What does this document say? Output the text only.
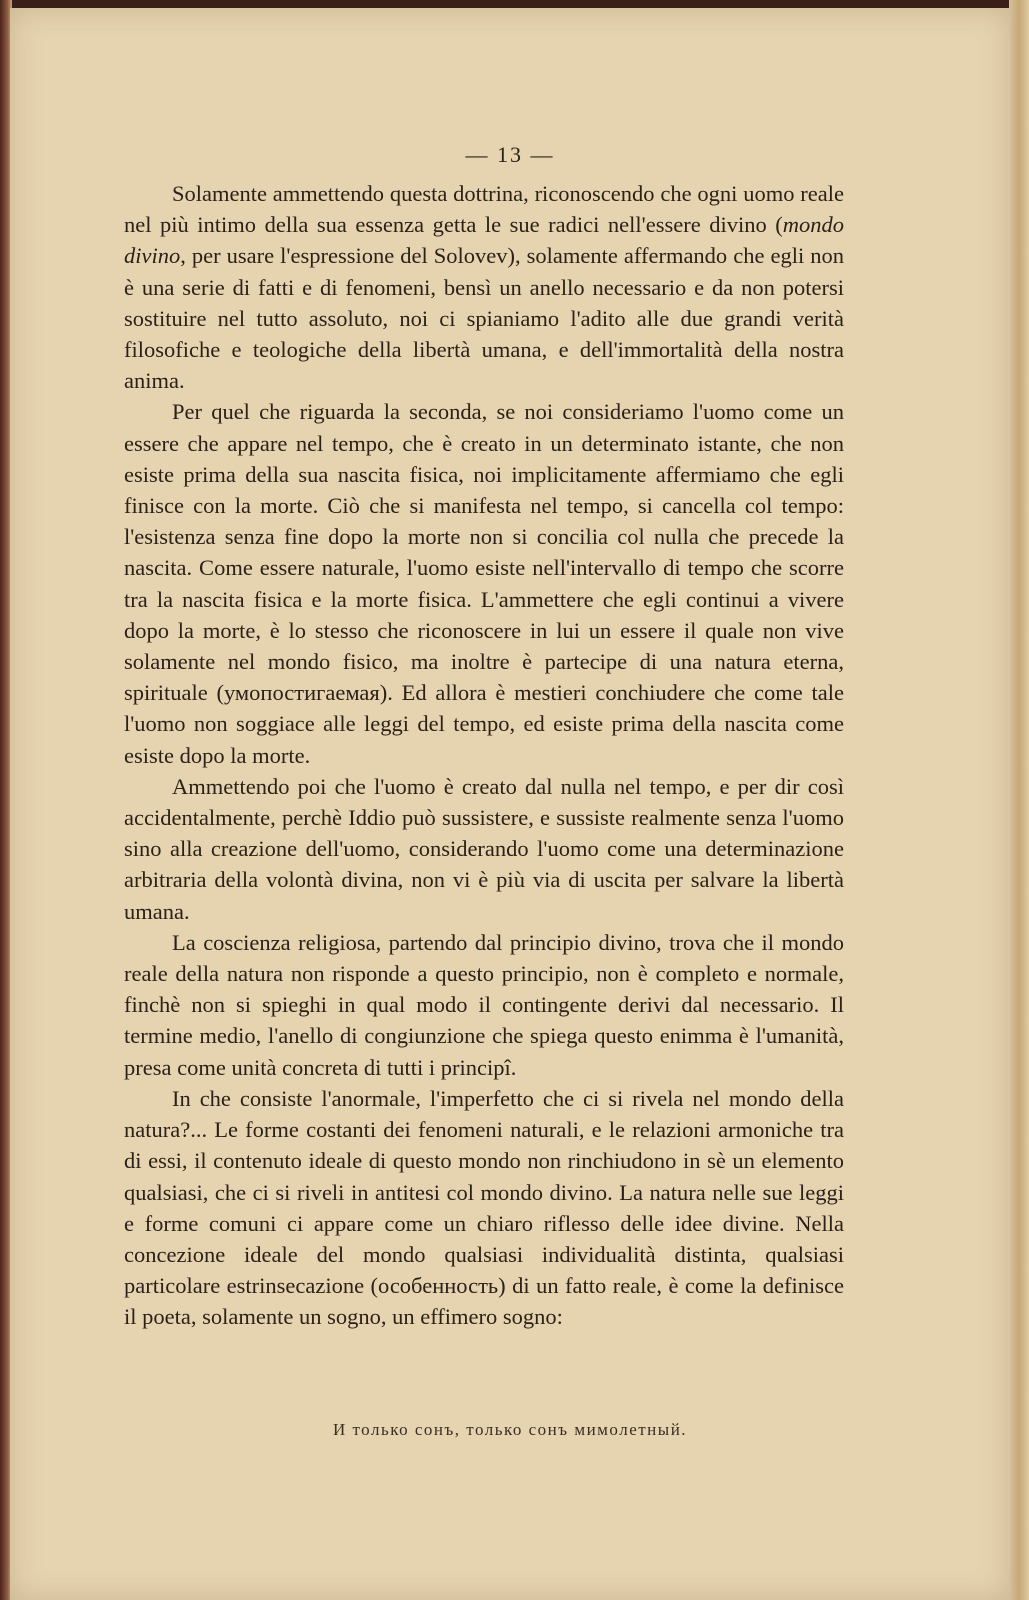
— 13 —

Solamente ammettendo questa dottrina, riconoscendo che ogni uomo reale nel più intimo della sua essenza getta le sue radici nell'essere divino (mondo divino, per usare l'espressione del Solovev), solamente affermando che egli non è una serie di fatti e di fenomeni, bensì un anello necessario e da non potersi sostituire nel tutto assoluto, noi ci spianiamo l'adito alle due grandi verità filosofiche e teologiche della libertà umana, e dell'immortalità della nostra anima.

Per quel che riguarda la seconda, se noi consideriamo l'uomo come un essere che appare nel tempo, che è creato in un determinato istante, che non esiste prima della sua nascita fisica, noi implicitamente affermiamo che egli finisce con la morte. Ciò che si manifesta nel tempo, si cancella col tempo: l'esistenza senza fine dopo la morte non si concilia col nulla che precede la nascita. Come essere naturale, l'uomo esiste nell'intervallo di tempo che scorre tra la nascita fisica e la morte fisica. L'ammettere che egli continui a vivere dopo la morte, è lo stesso che riconoscere in lui un essere il quale non vive solamente nel mondo fisico, ma inoltre è partecipe di una natura eterna, spirituale (умопостигаемая). Ed allora è mestieri conchiudere che come tale l'uomo non soggiace alle leggi del tempo, ed esiste prima della nascita come esiste dopo la morte.

Ammettendo poi che l'uomo è creato dal nulla nel tempo, e per dir così accidentalmente, perchè Iddio può sussistere, e sussiste realmente senza l'uomo sino alla creazione dell'uomo, considerando l'uomo come una determinazione arbitraria della volontà divina, non vi è più via di uscita per salvare la libertà umana.

La coscienza religiosa, partendo dal principio divino, trova che il mondo reale della natura non risponde a questo principio, non è completo e normale, finchè non si spieghi in qual modo il contingente derivi dal necessario. Il termine medio, l'anello di congiunzione che spiega questo enimma è l'umanità, presa come unità concreta di tutti i principî.

In che consiste l'anormale, l'imperfetto che ci si rivela nel mondo della natura?... Le forme costanti dei fenomeni naturali, e le relazioni armoniche tra di essi, il contenuto ideale di questo mondo non rinchiudono in sè un elemento qualsiasi, che ci si riveli in antitesi col mondo divino. La natura nelle sue leggi e forme comuni ci appare come un chiaro riflesso delle idee divine. Nella concezione ideale del mondo qualsiasi individualità distinta, qualsiasi particolare estrinsecazione (особенность) di un fatto reale, è come la definisce il poeta, solamente un sogno, un effimero sogno:

И только сонъ, только сонъ мимолетный.
